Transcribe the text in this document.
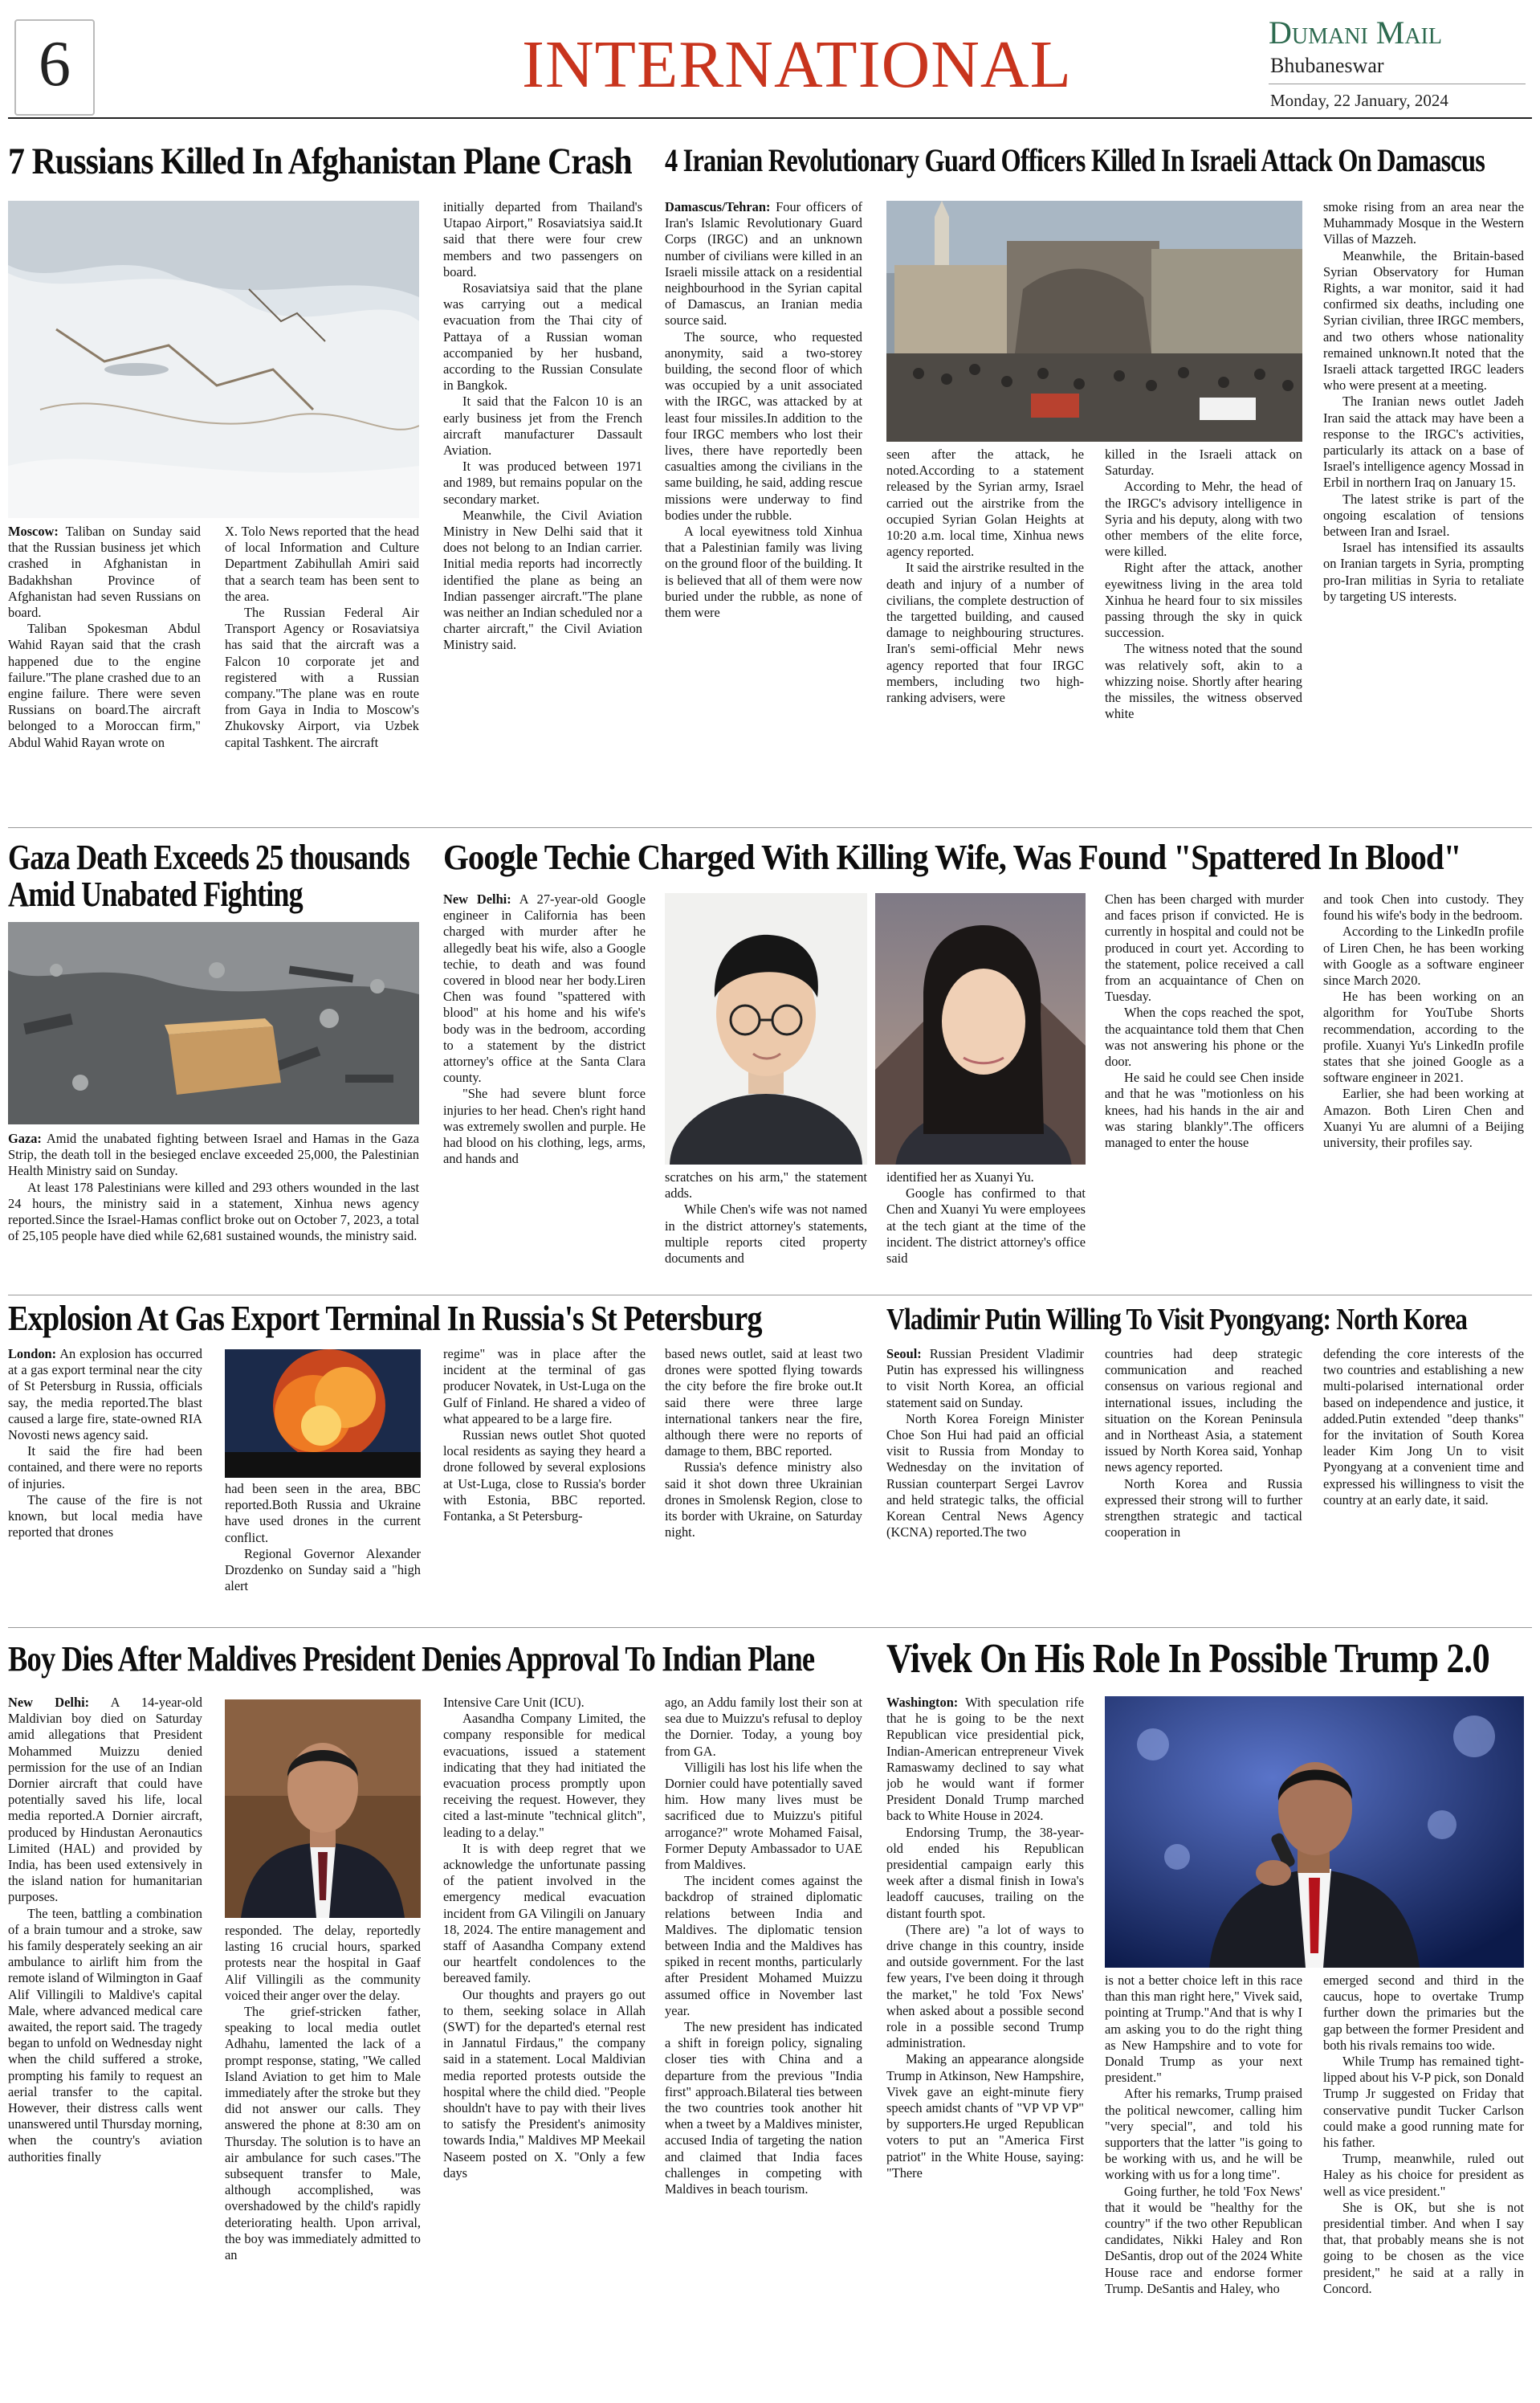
6	INTERNATIONAL	Dumani Mail
Bhubaneswar
Monday, 22 January, 2024
7 Russians Killed In Afghanistan Plane Crash

Moscow: Taliban on Sunday said that the Russian business jet which crashed in Afghanistan in Badakhshan Province of Afghanistan had seven Russians on board.

Taliban Spokesman Abdul Wahid Rayan said that the crash happened due to the engine failure."The plane crashed due to an engine failure. There were seven Russians on board.The aircraft belonged to a Moroccan firm," Abdul Wahid Rayan wrote on

X. Tolo News reported that the head of local Information and Culture Department Zabihullah Amiri said that a search team has been sent to the area.

The Russian Federal Air Transport Agency or Rosaviatsiya has said that the aircraft was a Falcon 10 corporate jet and registered with a Russian company."The plane was en route from Gaya in India to Moscow's Zhukovsky Airport, via Uzbek capital Tashkent. The aircraft

initially departed from Thailand's Utapao Airport," Rosaviatsiya said.It said that there were four crew members and two passengers on board.

Rosaviatsiya said that the plane was carrying out a medical evacuation from the Thai city of Pattaya of a Russian woman accompanied by her husband, according to the Russian Consulate in Bangkok.

It said that the Falcon 10 is an early business jet from the French aircraft manufacturer Dassault Aviation.

It was produced between 1971 and 1989, but remains popular on the secondary market.

Meanwhile, the Civil Aviation Ministry in New Delhi said that it does not belong to an Indian carrier. Initial media reports had incorrectly identified the plane as being an Indian passenger aircraft."The plane was neither an Indian scheduled nor a charter aircraft," the Civil Aviation Ministry said.

4 Iranian Revolutionary Guard Officers Killed In Israeli Attack On Damascus

Damascus/Tehran: Four officers of Iran's Islamic Revolutionary Guard Corps (IRGC) and an unknown number of civilians were killed in an Israeli missile attack on a residential neighbourhood in the Syrian capital of Damascus, an Iranian media source said.

The source, who requested anonymity, said a two-storey building, the second floor of which was occupied by a unit associated with the IRGC, was attacked by at least four missiles.In addition to the four IRGC members who lost their lives, there have reportedly been casualties among the civilians in the same building, he said, adding rescue missions were underway to find bodies under the rubble.

A local eyewitness told Xinhua that a Palestinian family was living on the ground floor of the building. It is believed that all of them were now buried under the rubble, as none of them were

seen after the attack, he noted.According to a statement released by the Syrian army, Israel carried out the airstrike from the occupied Syrian Golan Heights at 10:20 a.m. local time, Xinhua news agency reported.

It said the airstrike resulted in the death and injury of a number of civilians, the complete destruction of the targetted building, and caused damage to neighbouring structures. Iran's semi-official Mehr news agency reported that four IRGC members, including two high-ranking advisers, were

killed in the Israeli attack on Saturday.

According to Mehr, the head of the IRGC's advisory intelligence in Syria and his deputy, along with two other members of the elite force, were killed.

Right after the attack, another eyewitness living in the area told Xinhua he heard four to six missiles passing through the sky in quick succession.

The witness noted that the sound was relatively soft, akin to a whizzing noise. Shortly after hearing the missiles, the witness observed white

smoke rising from an area near the Muhammady Mosque in the Western Villas of Mazzeh.

Meanwhile, the Britain-based Syrian Observatory for Human Rights, a war monitor, said it had confirmed six deaths, including one Syrian civilian, three IRGC members, and two others whose nationality remained unknown.It noted that the Israeli attack targetted IRGC leaders who were present at a meeting.

The Iranian news outlet Jadeh Iran said the attack may have been a response to the IRGC's activities, particularly its attack on a base of Israel's intelligence agency Mossad in Erbil in northern Iraq on January 15.

The latest strike is part of the ongoing escalation of tensions between Iran and Israel.

Israel has intensified its assaults on Iranian targets in Syria, prompting pro-Iran militias in Syria to retaliate by targeting US interests.

Gaza Death Exceeds 25 thousands
Amid Unabated Fighting

Gaza: Amid the unabated fighting between Israel and Hamas in the Gaza Strip, the death toll in the besieged enclave exceeded 25,000, the Palestinian Health Ministry said on Sunday.

At least 178 Palestinians were killed and 293 others wounded in the last 24 hours, the ministry said in a statement, Xinhua news agency reported.Since the Israel-Hamas conflict broke out on October 7, 2023, a total of 25,105 people have died while 62,681 sustained wounds, the ministry said.

Google Techie Charged With Killing Wife, Was Found "Spattered In Blood"

New Delhi: A 27-year-old Google engineer in California has been charged with murder after he allegedly beat his wife, also a Google techie, to death and was found covered in blood near her body.Liren Chen was found "spattered with blood" at his home and his wife's body was in the bedroom, according to a statement by the district attorney's office at the Santa Clara county.

"She had severe blunt force injuries to her head. Chen's right hand was extremely swollen and purple. He had blood on his clothing, legs, arms, and hands and

scratches on his arm," the statement adds.

While Chen's wife was not named in the district attorney's statements, multiple reports cited property documents and

identified her as Xuanyi Yu.

Google has confirmed to that Chen and Xuanyi Yu were employees at the tech giant at the time of the incident. The district attorney's office said

Chen has been charged with murder and faces prison if convicted. He is currently in hospital and could not be produced in court yet. According to the statement, police received a call from an acquaintance of Chen on Tuesday.

When the cops reached the spot, the acquaintance told them that Chen was not answering his phone or the door.

He said he could see Chen inside and that he was "motionless on his knees, had his hands in the air and was staring blankly".The officers managed to enter the house

and took Chen into custody. They found his wife's body in the bedroom.

According to the LinkedIn profile of Liren Chen, he has been working with Google as a software engineer since March 2020.

He has been working on an algorithm for YouTube Shorts recommendation, according to the profile. Xuanyi Yu's LinkedIn profile states that she joined Google as a software engineer in 2021.

Earlier, she had been working at Amazon. Both Liren Chen and Xuanyi Yu are alumni of a Beijing university, their profiles say.

Explosion At Gas Export Terminal In Russia's St Petersburg

London: An explosion has occurred at a gas export terminal near the city of St Petersburg in Russia, officials say, the media reported.The blast caused a large fire, state-owned RIA Novosti news agency said.

It said the fire had been contained, and there were no reports of injuries.

The cause of the fire is not known, but local media have reported that drones

had been seen in the area, BBC reported.Both Russia and Ukraine have used drones in the current conflict.

Regional Governor Alexander Drozdenko on Sunday said a "high alert

regime" was in place after the incident at the terminal of gas producer Novatek, in Ust-Luga on the Gulf of Finland. He shared a video of what appeared to be a large fire.

Russian news outlet Shot quoted local residents as saying they heard a drone followed by several explosions at Ust-Luga, close to Russia's border with Estonia, BBC reported. Fontanka, a St Petersburg-

based news outlet, said at least two drones were spotted flying towards the city before the fire broke out.It said there were three large international tankers near the fire, although there were no reports of damage to them, BBC reported.

Russia's defence ministry also said it shot down three Ukrainian drones in Smolensk Region, close to its border with Ukraine, on Saturday night.

Vladimir Putin Willing To Visit Pyongyang: North Korea

Seoul: Russian President Vladimir Putin has expressed his willingness to visit North Korea, an official statement said on Sunday.

North Korea Foreign Minister Choe Son Hui had paid an official visit to Russia from Monday to Wednesday on the invitation of Russian counterpart Sergei Lavrov and held strategic talks, the official Korean Central News Agency (KCNA) reported.The two

countries had deep strategic communication and reached consensus on various regional and international issues, including the situation on the Korean Peninsula and in Northeast Asia, a statement issued by North Korea said, Yonhap news agency reported.

North Korea and Russia expressed their strong will to further strengthen strategic and tactical cooperation in

defending the core interests of the two countries and establishing a new multi-polarised international order based on independence and justice, it added.Putin extended "deep thanks" for the invitation of South Korea leader Kim Jong Un to visit Pyongyang at a convenient time and expressed his willingness to visit the country at an early date, it said.

Boy Dies After Maldives President Denies Approval To Indian Plane

New Delhi: A 14-year-old Maldivian boy died on Saturday amid allegations that President Mohammed Muizzu denied permission for the use of an Indian Dornier aircraft that could have potentially saved his life, local media reported.A Dornier aircraft, produced by Hindustan Aeronautics Limited (HAL) and provided by India, has been used extensively in the island nation for humanitarian purposes.

The teen, battling a combination of a brain tumour and a stroke, saw his family desperately seeking an air ambulance to airlift him from the remote island of Wilmington in Gaaf Alif Villingili to Maldive's capital Male, where advanced medical care awaited, the report said. The tragedy began to unfold on Wednesday night when the child suffered a stroke, prompting his family to request an aerial transfer to the capital. However, their distress calls went unanswered until Thursday morning, when the country's aviation authorities finally

responded. The delay, reportedly lasting 16 crucial hours, sparked protests near the hospital in Gaaf Alif Villingili as the community voiced their anger over the delay.

The grief-stricken father, speaking to local media outlet Adhahu, lamented the lack of a prompt response, stating, "We called Island Aviation to get him to Male immediately after the stroke but they did not answer our calls. They answered the phone at 8:30 am on Thursday. The solution is to have an air ambulance for such cases."The subsequent transfer to Male, although accomplished, was overshadowed by the child's rapidly deteriorating health. Upon arrival, the boy was immediately admitted to an

Intensive Care Unit (ICU).

Aasandha Company Limited, the company responsible for medical evacuations, issued a statement indicating that they had initiated the evacuation process promptly upon receiving the request. However, they cited a last-minute "technical glitch", leading to a delay."

It is with deep regret that we acknowledge the unfortunate passing of the patient involved in the emergency medical evacuation incident from GA Vilingili on January 18, 2024. The entire management and staff of Aasandha Company extend our heartfelt condolences to the bereaved family.

Our thoughts and prayers go out to them, seeking solace in Allah (SWT) for the departed's eternal rest in Jannatul Firdaus," the company said in a statement. Local Maldivian media reported protests outside the hospital where the child died. "People shouldn't have to pay with their lives to satisfy the President's animosity towards India," Maldives MP Meekail Naseem posted on X. "Only a few days

ago, an Addu family lost their son at sea due to Muizzu's refusal to deploy the Dornier. Today, a young boy from GA.

Villigili has lost his life when the Dornier could have potentially saved him. How many lives must be sacrificed due to Muizzu's pitiful arrogance?" wrote Mohamed Faisal, Former Deputy Ambassador to UAE from Maldives.

The incident comes against the backdrop of strained diplomatic relations between India and Maldives. The diplomatic tension between India and the Maldives has spiked in recent months, particularly after President Mohamed Muizzu assumed office in November last year.

The new president has indicated a shift in foreign policy, signaling closer ties with China and a departure from the previous "India first" approach.Bilateral ties between the two countries took another hit when a tweet by a Maldives minister, accused India of targeting the nation and claimed that India faces challenges in competing with Maldives in beach tourism.

Vivek On His Role In Possible Trump 2.0

Washington: With speculation rife that he is going to be the next Republican vice presidential pick, Indian-American entrepreneur Vivek Ramaswamy declined to say what job he would want if former President Donald Trump marched back to White House in 2024.

Endorsing Trump, the 38-year-old ended his Republican presidential campaign early this week after a dismal finish in Iowa's leadoff caucuses, trailing on the distant fourth spot.

(There are) "a lot of ways to drive change in this country, inside and outside government. For the last few years, I've been doing it through the market," he told 'Fox News' when asked about a possible second role in a possible second Trump administration.

Making an appearance alongside Trump in Atkinson, New Hampshire, Vivek gave an eight-minute fiery speech amidst chants of "VP VP VP" by supporters.He urged Republican voters to put an "America First patriot" in the White House, saying: "There

is not a better choice left in this race than this man right here," Vivek said, pointing at Trump."And that is why I am asking you to do the right thing as New Hampshire and to vote for Donald Trump as your next president."

After his remarks, Trump praised the political newcomer, calling him "very special", and told his supporters that the latter "is going to be working with us, and he will be working with us for a long time".

Going further, he told 'Fox News' that it would be "healthy for the country" if the two other Republican candidates, Nikki Haley and Ron DeSantis, drop out of the 2024 White House race and endorse former Trump. DeSantis and Haley, who

emerged second and third in the caucus, hope to overtake Trump further down the primaries but the gap between the former President and both his rivals remains too wide.

While Trump has remained tight-lipped about his V-P pick, son Donald Trump Jr suggested on Friday that conservative pundit Tucker Carlson could make a good running mate for his father.

Trump, meanwhile, ruled out Haley as his choice for president as well as vice president."

She is OK, but she is not presidential timber. And when I say that, that probably means she is not going to be chosen as the vice president," he said at a rally in Concord.
